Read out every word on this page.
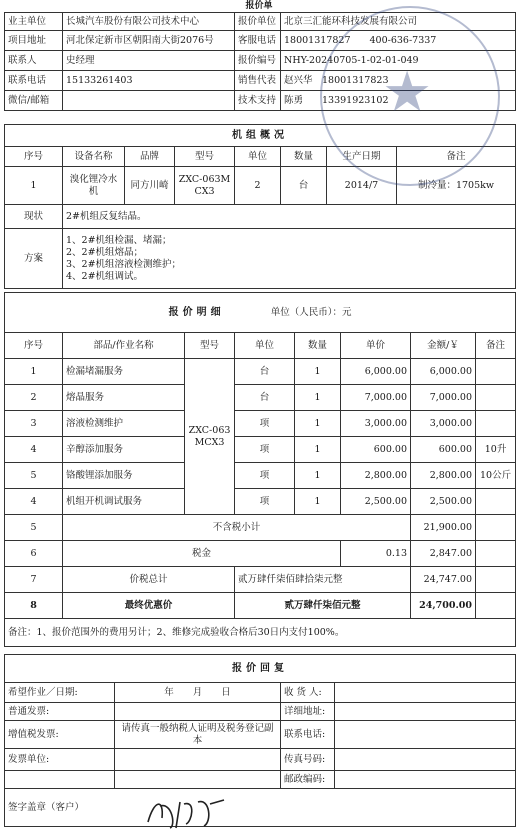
报价单
业主单位	长城汽车股份有限公司技术中心	报价单位	北京三汇能环科技发展有限公司
项目地址	河北保定新市区朝阳南大街2076号	客服电话	18001317827　　400-636-7337
联系人	史经理	报价编号	NHY-20240705-1-02-01-049
联系电话	15133261403	销售代表	赵兴华　18001317823
微信/邮箱		技术支持	陈勇　　13391923102
机组概况							
序号	设备名称	品牌	型号	单位	数量	生产日期	备注
1	溴化锂冷水机	同方川崎	ZXC-063MCX3	2	台	2014/7	制冷量：1705kw
现状	2#机组反复结晶。						
方案	1、2#机组检漏、堵漏；
2、2#机组熔晶；
3、2#机组溶液检测维护；
4、2#机组调试。						
报价明细 单位（人民币）：元							
序号	部品/作业名称	型号	单位	数量	单价	金额/￥	备注
1	检漏堵漏服务	ZXC-063MCX3	台	1	6,000.00	6,000.00	
2	熔晶服务		台	1	7,000.00	7,000.00	
3	溶液检测维护		项	1	3,000.00	3,000.00	
4	辛醇添加服务		项	1	600.00	600.00	10升
5	铬酸锂添加服务		项	1	2,800.00	2,800.00	10公斤
4	机组开机调试服务		项	1	2,500.00	2,500.00	
5	不含税小计					21,900.00	
6	税金				0.13	2,847.00	
7	价税总计		贰万肆仟柒佰肆拾柒元整			24,747.00	
8	最终优惠价		贰万肆仟柒佰元整			24,700.00	
备注：1、报价范围外的费用另计；2、维修完成验收合格后30日内支付100%。							
报价回复			
希望作业／日期:	年　　月　　日	收 货 人:	
普通发票:		详细地址:	
增值税发票:	请传真一般纳税人证明及税务登记副本	联系电话:	
发票单位:		传真号码:	
		邮政编码:	
签字盖章（客户）			
★
